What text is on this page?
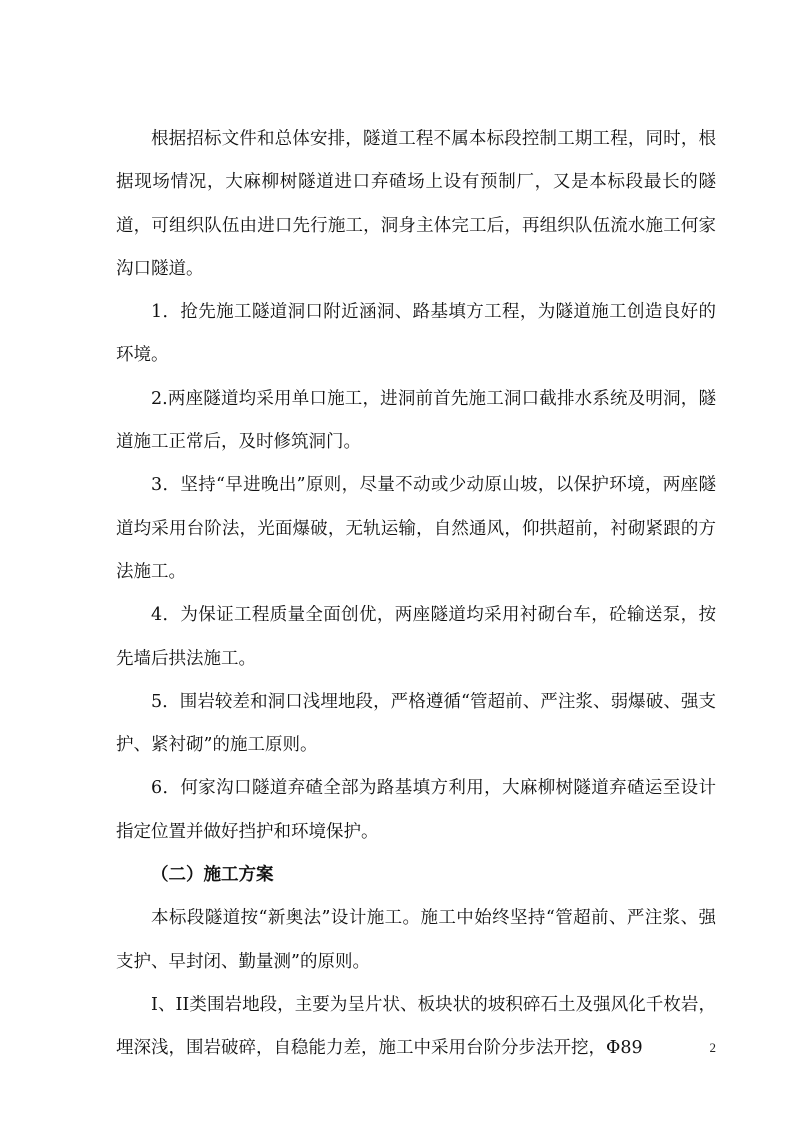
根据招标文件和总体安排，隧道工程不属本标段控制工期工程，同时，根据现场情况，大麻柳树隧道进口弃碴场上设有预制厂，又是本标段最长的隧道，可组织队伍由进口先行施工，洞身主体完工后，再组织队伍流水施工何家沟口隧道。

1．抢先施工隧道洞口附近涵洞、路基填方工程，为隧道施工创造良好的环境。

2.两座隧道均采用单口施工，进洞前首先施工洞口截排水系统及明洞，隧道施工正常后，及时修筑洞门。

3．坚持“早进晚出”原则，尽量不动或少动原山坡，以保护环境，两座隧道均采用台阶法，光面爆破，无轨运输，自然通风，仰拱超前，衬砌紧跟的方法施工。

4．为保证工程质量全面创优，两座隧道均采用衬砌台车，砼输送泵，按先墙后拱法施工。

5．围岩较差和洞口浅埋地段，严格遵循“管超前、严注浆、弱爆破、强支护、紧衬砌”的施工原则。

6．何家沟口隧道弃碴全部为路基填方利用，大麻柳树隧道弃碴运至设计指定位置并做好挡护和环境保护。

（二）施工方案

本标段隧道按“新奥法”设计施工。施工中始终坚持“管超前、严注浆、强支护、早封闭、勤量测”的原则。

I、II类围岩地段，主要为呈片状、板块状的坡积碎石土及强风化千枚岩，埋深浅，围岩破碎，自稳能力差，施工中采用台阶分步法开挖，Φ89	2
